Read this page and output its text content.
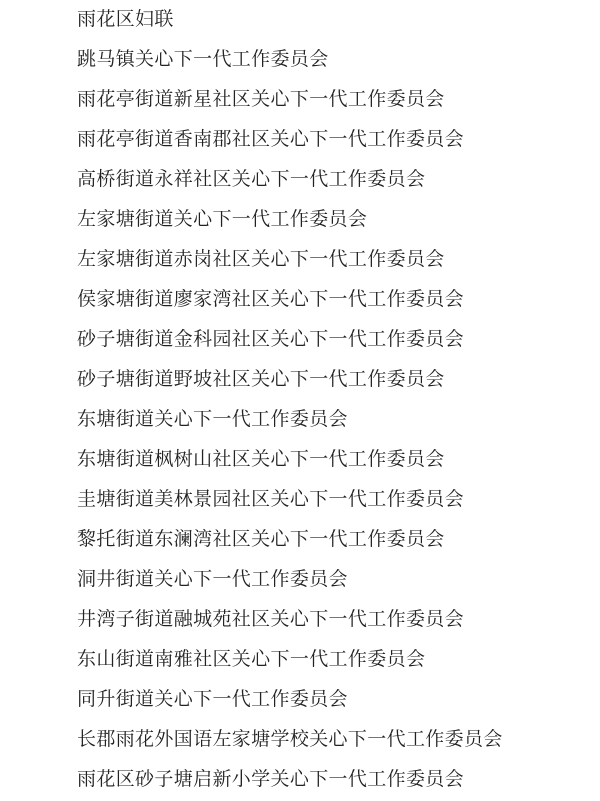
雨花区妇联
跳马镇关心下一代工作委员会
雨花亭街道新星社区关心下一代工作委员会
雨花亭街道香南郡社区关心下一代工作委员会
高桥街道永祥社区关心下一代工作委员会
左家塘街道关心下一代工作委员会
左家塘街道赤岗社区关心下一代工作委员会
侯家塘街道廖家湾社区关心下一代工作委员会
砂子塘街道金科园社区关心下一代工作委员会
砂子塘街道野坡社区关心下一代工作委员会
东塘街道关心下一代工作委员会
东塘街道枫树山社区关心下一代工作委员会
圭塘街道美林景园社区关心下一代工作委员会
黎托街道东澜湾社区关心下一代工作委员会
洞井街道关心下一代工作委员会
井湾子街道融城苑社区关心下一代工作委员会
东山街道南雅社区关心下一代工作委员会
同升街道关心下一代工作委员会
长郡雨花外国语左家塘学校关心下一代工作委员会
雨花区砂子塘启新小学关心下一代工作委员会
